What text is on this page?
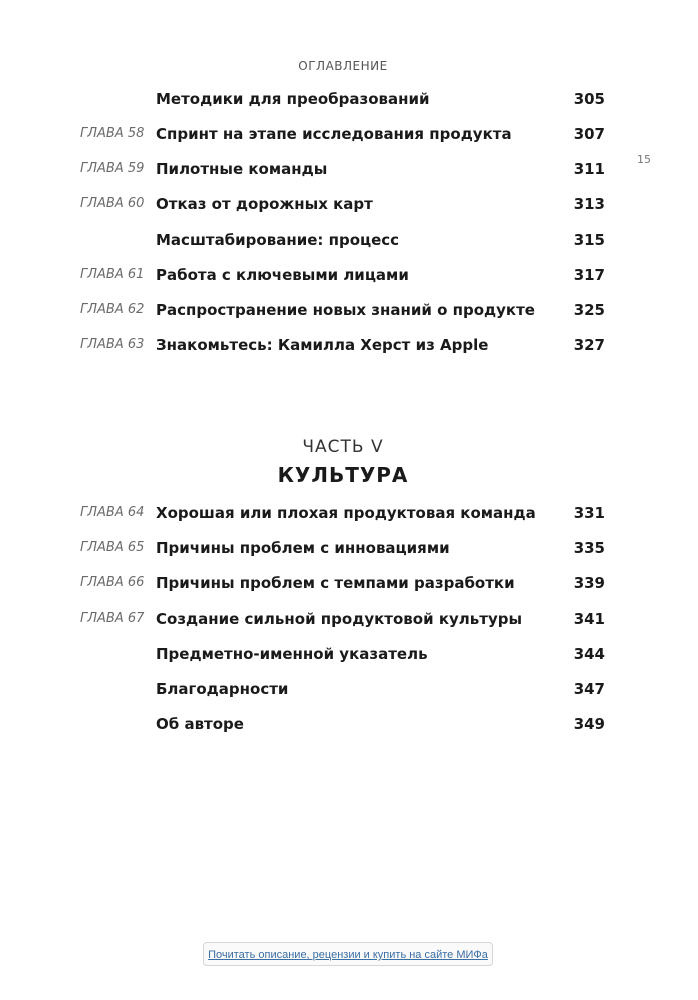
ОГЛАВЛЕНИЕ
15
Методики для преобразований	305
ГЛАВА 58 Спринт на этапе исследования продукта	307
ГЛАВА 59 Пилотные команды	311
ГЛАВА 60 Отказ от дорожных карт	313
Масштабирование: процесс	315
ГЛАВА 61 Работа с ключевыми лицами	317
ГЛАВА 62 Распространение новых знаний о продукте	325
ГЛАВА 63 Знакомьтесь: Камилла Херст из Apple	327
ЧАСТЬ V
КУЛЬТУРА
ГЛАВА 64 Хорошая или плохая продуктовая команда	331
ГЛАВА 65 Причины проблем с инновациями	335
ГЛАВА 66 Причины проблем с темпами разработки	339
ГЛАВА 67 Создание сильной продуктовой культуры	341
Предметно-именной указатель	344
Благодарности	347
Об авторе	349
Почитать описание, рецензии и купить на сайте МИФа
